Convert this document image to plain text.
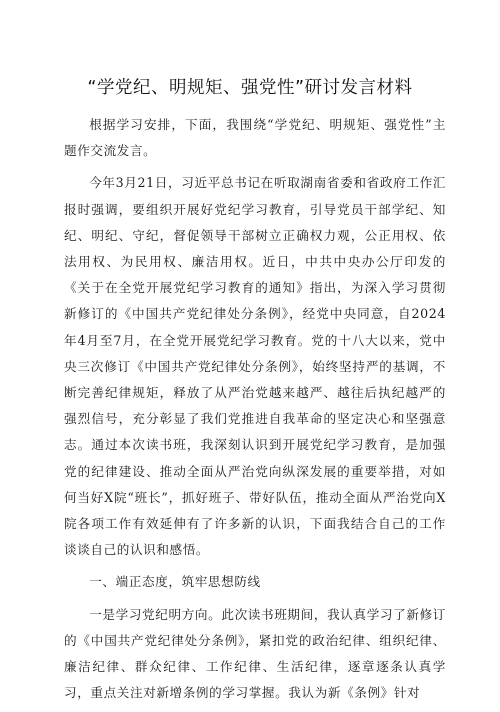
“学党纪、明规矩、强党性”研讨发言材料

根据学习安排，下面，我围绕“学党纪、明规矩、强党性”主题作交流发言。

今年3月21日，习近平总书记在听取湖南省委和省政府工作汇报时强调，要组织开展好党纪学习教育，引导党员干部学纪、知纪、明纪、守纪，督促领导干部树立正确权力观，公正用权、依法用权、为民用权、廉洁用权。近日，中共中央办公厅印发的《关于在全党开展党纪学习教育的通知》指出，为深入学习贯彻新修订的《中国共产党纪律处分条例》，经党中央同意，自2024年4月至7月，在全党开展党纪学习教育。党的十八大以来，党中央三次修订《中国共产党纪律处分条例》，始终坚持严的基调，不断完善纪律规矩，释放了从严治党越来越严、越往后执纪越严的强烈信号，充分彰显了我们党推进自我革命的坚定决心和坚强意志。通过本次读书班，我深刻认识到开展党纪学习教育，是加强党的纪律建设、推动全面从严治党向纵深发展的重要举措，对如何当好X院“班长”，抓好班子、带好队伍，推动全面从严治党向X院各项工作有效延伸有了许多新的认识，下面我结合自己的工作谈谈自己的认识和感悟。

一、端正态度，筑牢思想防线

一是学习党纪明方向。此次读书班期间，我认真学习了新修订的《中国共产党纪律处分条例》，紧扣党的政治纪律、组织纪律、廉洁纪律、群众纪律、工作纪律、生活纪律，逐章逐条认真学习，重点关注对新增条例的学习掌握。我认为新《条例》针对
